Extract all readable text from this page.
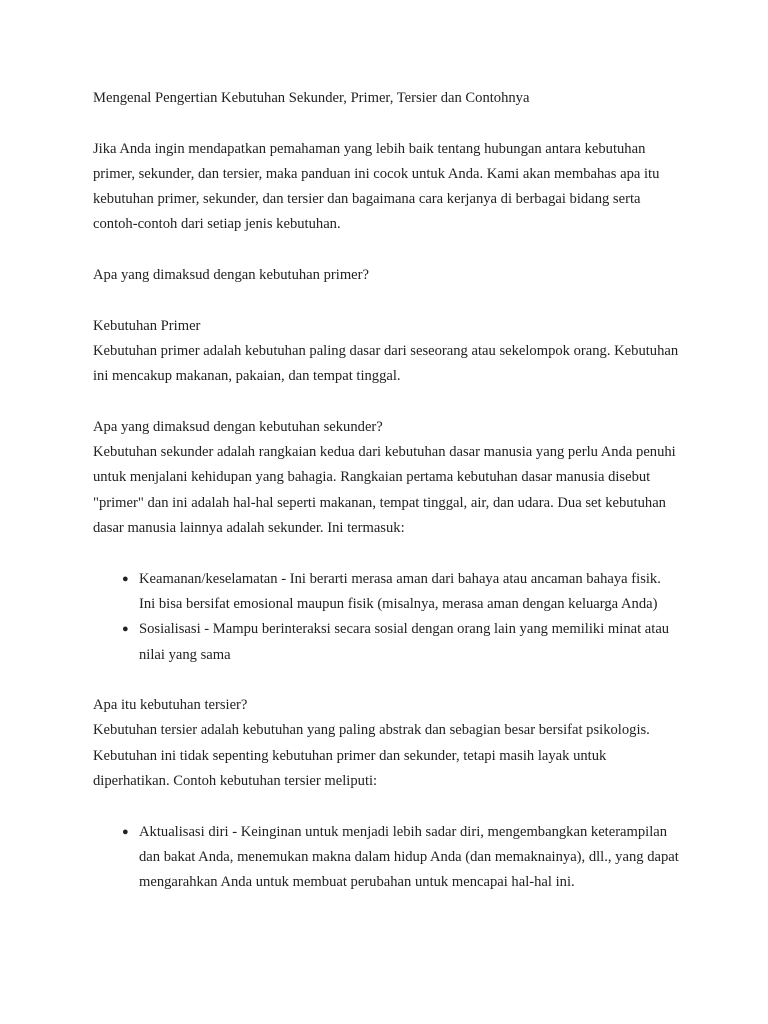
Mengenal Pengertian Kebutuhan Sekunder, Primer, Tersier dan Contohnya

Jika Anda ingin mendapatkan pemahaman yang lebih baik tentang hubungan antara kebutuhan primer, sekunder, dan tersier, maka panduan ini cocok untuk Anda. Kami akan membahas apa itu kebutuhan primer, sekunder, dan tersier dan bagaimana cara kerjanya di berbagai bidang serta contoh-contoh dari setiap jenis kebutuhan.

Apa yang dimaksud dengan kebutuhan primer?

Kebutuhan Primer

Kebutuhan primer adalah kebutuhan paling dasar dari seseorang atau sekelompok orang. Kebutuhan ini mencakup makanan, pakaian, dan tempat tinggal.

Apa yang dimaksud dengan kebutuhan sekunder?

Kebutuhan sekunder adalah rangkaian kedua dari kebutuhan dasar manusia yang perlu Anda penuhi untuk menjalani kehidupan yang bahagia. Rangkaian pertama kebutuhan dasar manusia disebut "primer" dan ini adalah hal-hal seperti makanan, tempat tinggal, air, dan udara. Dua set kebutuhan dasar manusia lainnya adalah sekunder. Ini termasuk:

● Keamanan/keselamatan - Ini berarti merasa aman dari bahaya atau ancaman bahaya fisik. Ini bisa bersifat emosional maupun fisik (misalnya, merasa aman dengan keluarga Anda)
● Sosialisasi - Mampu berinteraksi secara sosial dengan orang lain yang memiliki minat atau nilai yang sama

Apa itu kebutuhan tersier?

Kebutuhan tersier adalah kebutuhan yang paling abstrak dan sebagian besar bersifat psikologis. Kebutuhan ini tidak sepenting kebutuhan primer dan sekunder, tetapi masih layak untuk diperhatikan. Contoh kebutuhan tersier meliputi:

● Aktualisasi diri - Keinginan untuk menjadi lebih sadar diri, mengembangkan keterampilan dan bakat Anda, menemukan makna dalam hidup Anda (dan memaknainya), dll., yang dapat mengarahkan Anda untuk membuat perubahan untuk mencapai hal-hal ini.
